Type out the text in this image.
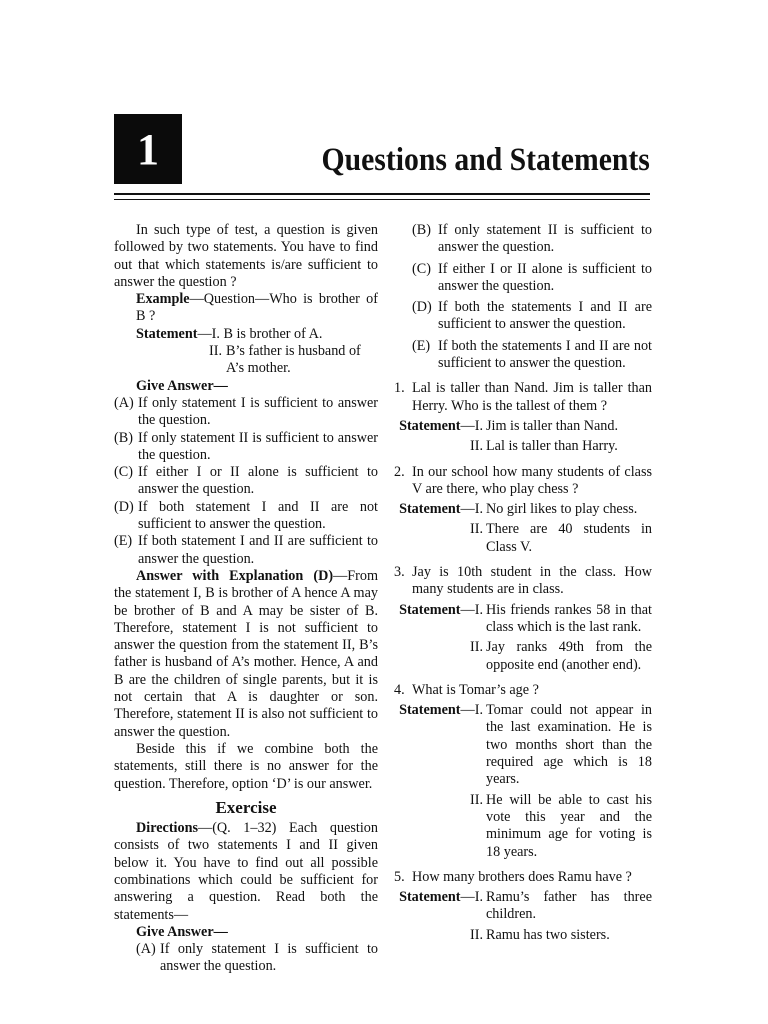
1	Questions and Statements

In such type of test, a question is given followed by two statements. You have to find out that which statements is/are sufficient to answer the question ?

Example—Question—Who is brother of B ?

Statement—I. B is brother of A.

II. B’s father is husband of A’s mother.

Give Answer—

(A) If only statement I is sufficient to answer the question.
(B) If only statement II is sufficient to answer the question.
(C) If either I or II alone is sufficient to answer the question.
(D) If both statement I and II are not sufficient to answer the question.
(E) If both statement I and II are sufficient to answer the question.

Answer with Explanation (D)—From the statement I, B is brother of A hence A may be brother of B and A may be sister of B. Therefore, statement I is not sufficient to answer the question from the statement II, B’s father is husband of A’s mother. Hence, A and B are the children of single parents, but it is not certain that A is daughter or son. Therefore, statement II is also not sufficient to answer the question.

Beside this if we combine both the statements, still there is no answer for the question. Therefore, option ‘D’ is our answer.

Exercise

Directions—(Q. 1–32) Each question consists of two statements I and II given below it. You have to find out all possible combinations which could be sufficient for answering a question. Read both the statements—

Give Answer—

(A) If only statement I is sufficient to answer the question.
(B) If only statement II is sufficient to answer the question.
(C) If either I or II alone is sufficient to answer the question.
(D) If both the statements I and II are sufficient to answer the question.
(E) If both the statements I and II are not sufficient to answer the question.
1. Lal is taller than Nand. Jim is taller than Herry. Who is the tallest of them ?
Statement—I. Jim is taller than Nand.
II. Lal is taller than Harry.
2. In our school how many students of class V are there, who play chess ?
Statement—I. No girl likes to play chess.
II. There are 40 students in Class V.
3. Jay is 10th student in the class. How many students are in class.
Statement—I. His friends rankes 58 in that class which is the last rank.
II. Jay ranks 49th from the opposite end (another end).
4. What is Tomar’s age ?
Statement—I. Tomar could not appear in the last examination. He is two months short than the required age which is 18 years.
II. He will be able to cast his vote this year and the minimum age for voting is 18 years.
5. How many brothers does Ramu have ?
Statement—I. Ramu’s father has three children.
II. Ramu has two sisters.
